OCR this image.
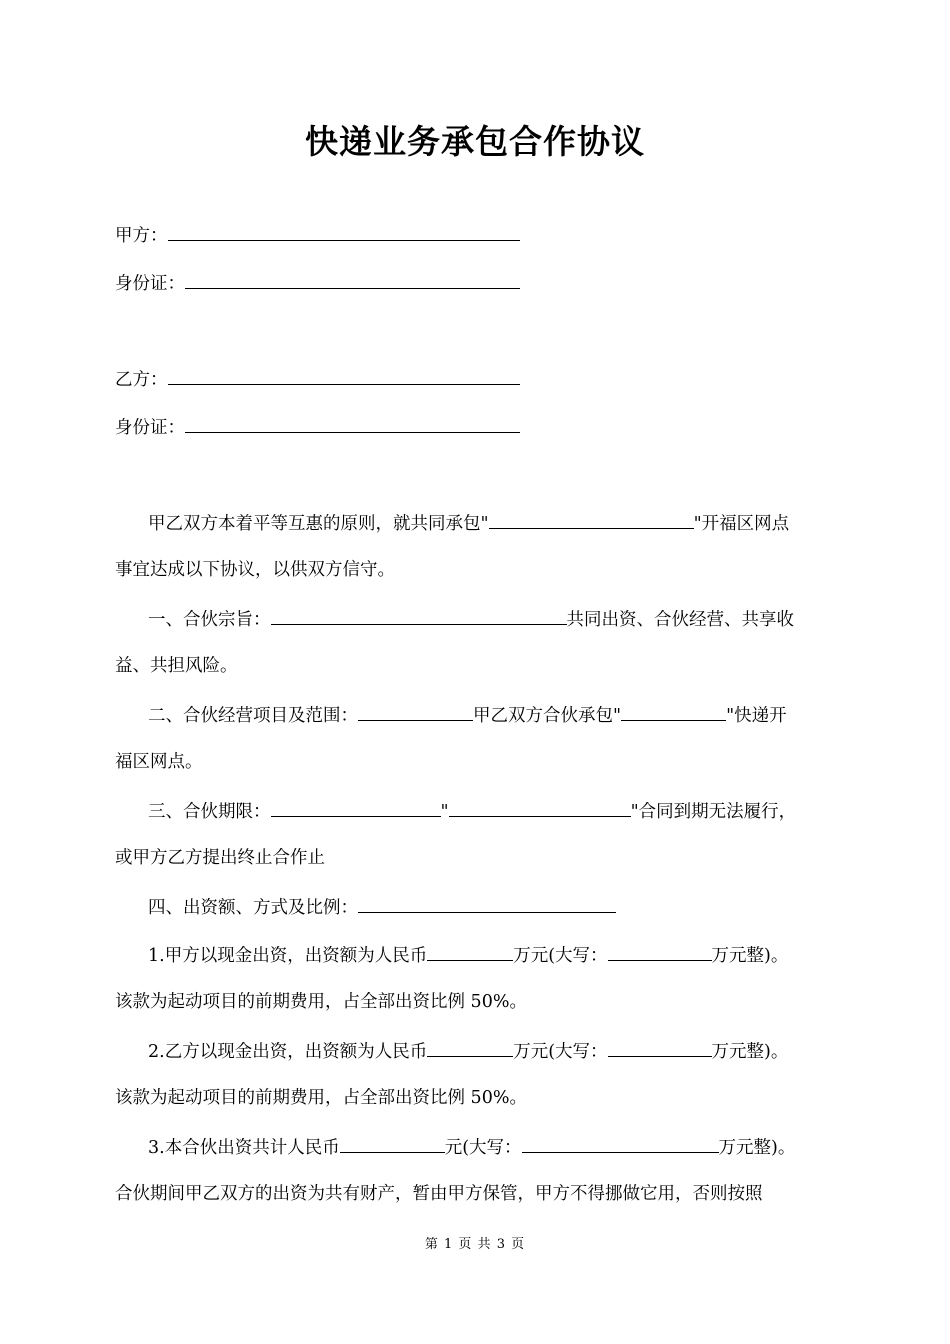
快递业务承包合作协议
甲方：
身份证：
乙方：
身份证：
甲乙双方本着平等互惠的原则，就共同承包"	"开福区网点
事宜达成以下协议，以供双方信守。
一、合伙宗旨：	共同出资、合伙经营、共享收
益、共担风险。
二、合伙经营项目及范围：	甲乙双方合伙承包"	"快递开
福区网点。
三、合伙期限：	"	"合同到期无法履行，
或甲方乙方提出终止合作止
四、出资额、方式及比例：
1.甲方以现金出资，出资额为人民币	万元(大写：	万元整)。
该款为起动项目的前期费用，占全部出资比例 50%。
2.乙方以现金出资，出资额为人民币	万元(大写：	万元整)。
该款为起动项目的前期费用，占全部出资比例 50%。
3.本合伙出资共计人民币	元(大写：	万元整)。
合伙期间甲乙双方的出资为共有财产，暂由甲方保管，甲方不得挪做它用，否则按照
第 1 页 共 3 页
